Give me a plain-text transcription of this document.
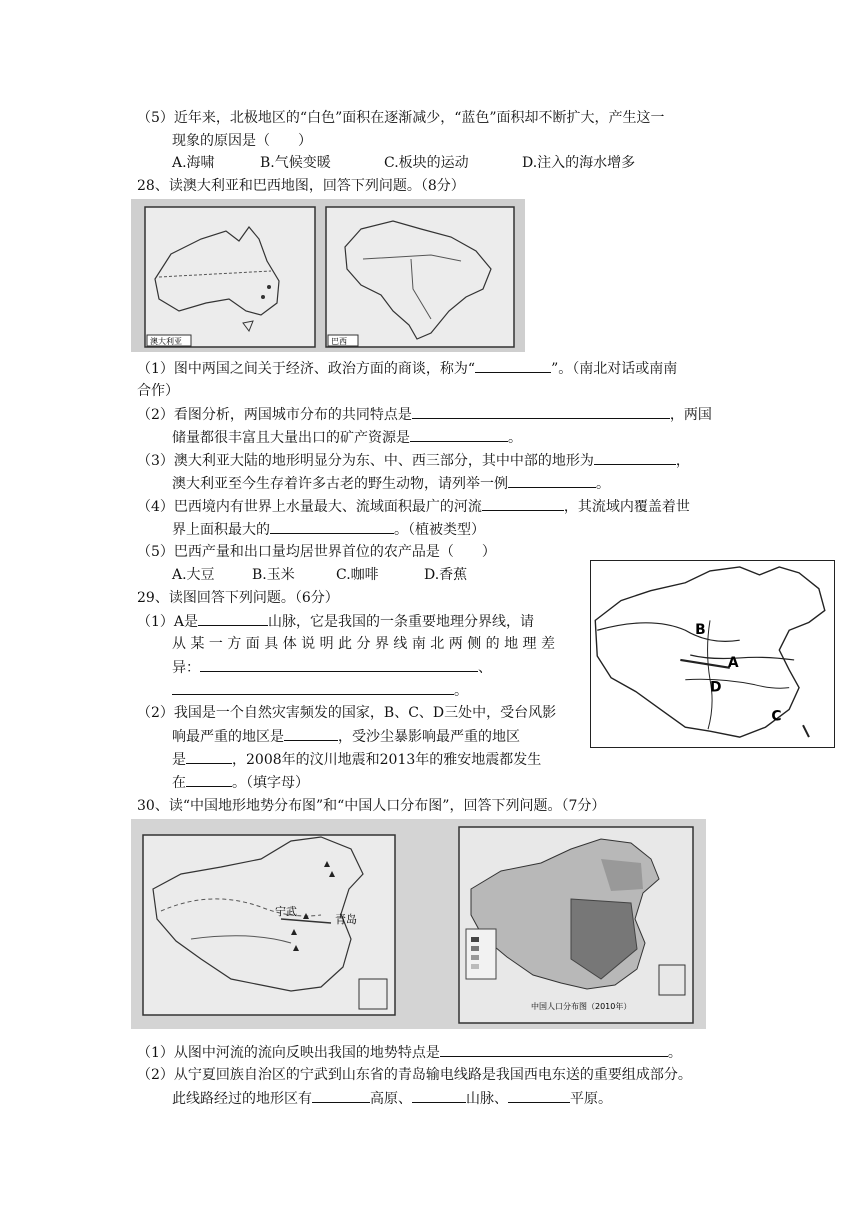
（5）近年来，北极地区的“白色”面积在逐渐减少，“蓝色”面积却不断扩大，产生这一
现象的原因是（　　）
A.海啸	B.气候变暖	C.板块的运动	D.注入的海水增多
28、读澳大利亚和巴西地图，回答下列问题。（8分）
澳大利亚	巴西
（1）图中两国之间关于经济、政治方面的商谈，称为“	”。（南北对话或南南
合作）
（2）看图分析，两国城市分布的共同特点是	，两国
储量都很丰富且大量出口的矿产资源是	。
（3）澳大利亚大陆的地形明显分为东、中、西三部分，其中中部的地形为	，
澳大利亚至今生存着许多古老的野生动物，请列举一例	。
（4）巴西境内有世界上水量最大、流域面积最广的河流	，其流域内覆盖着世
界上面积最大的	。（植被类型）
（5）巴西产量和出口量均居世界首位的农产品是（　　）
A.大豆	B.玉米	C.咖啡	D.香蕉
29、读图回答下列问题。（6分）
（1）A是	山脉，它是我国的一条重要地理分界线，请
从 某 一 方 面 具 体 说 明 此 分 界 线 南 北 两 侧 的 地 理 差
异：	、
。
（2）我国是一个自然灾害频发的国家，B、C、D三处中，受台风影
响最严重的地区是	，受沙尘暴影响最严重的地区
是	，2008年的汶川地震和2013年的雅安地震都发生
在	。（填字母）
B
A
D
C
30、读“中国地形地势分布图”和“中国人口分布图”，回答下列问题。（7分）
宁武
青岛
中国人口分布图（2010年）
（1）从图中河流的流向反映出我国的地势特点是	。
（2）从宁夏回族自治区的宁武到山东省的青岛输电线路是我国西电东送的重要组成部分。
此线路经过的地形区有	高原、	山脉、	平原。
